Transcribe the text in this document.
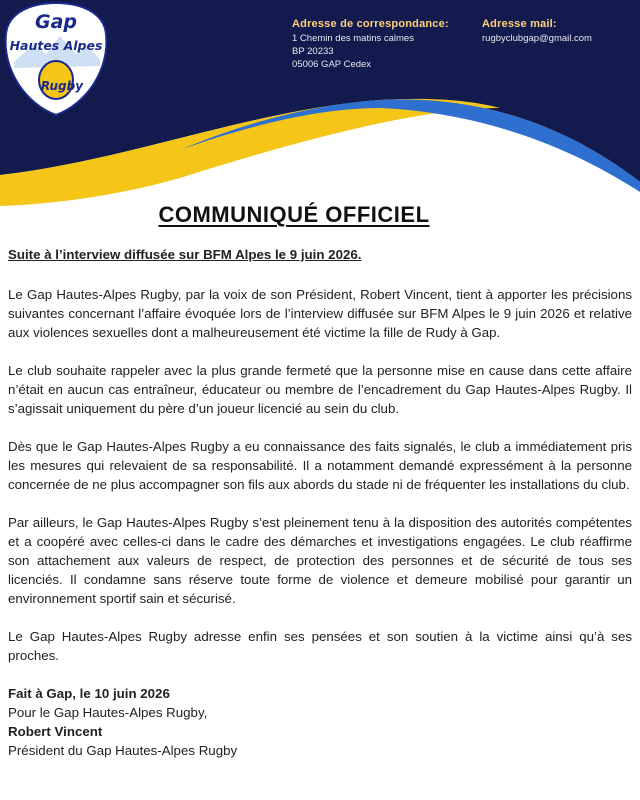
Gap
Hautes Alpes
Rugby
Adresse de correspondance:
1 Chemin des matins calmes
BP 20233
05006 GAP Cedex
Adresse mail:
rugbyclubgap@gmail.com
COMMUNIQUÉ OFFICIEL
Suite à l’interview diffusée sur BFM Alpes le 9 juin 2026.

Le Gap Hautes-Alpes Rugby, par la voix de son Président, Robert Vincent, tient à apporter les précisions suivantes concernant l’affaire évoquée lors de l’interview diffusée sur BFM Alpes le 9 juin 2026 et relative aux violences sexuelles dont a malheureusement été victime la fille de Rudy à Gap.

Le club souhaite rappeler avec la plus grande fermeté que la personne mise en cause dans cette affaire n’était en aucun cas entraîneur, éducateur ou membre de l’encadrement du Gap Hautes-Alpes Rugby. Il s’agissait uniquement du père d’un joueur licencié au sein du club.

Dès que le Gap Hautes-Alpes Rugby a eu connaissance des faits signalés, le club a immédiatement pris les mesures qui relevaient de sa responsabilité. Il a notamment demandé expressément à la personne concernée de ne plus accompagner son fils aux abords du stade ni de fréquenter les installations du club.

Par ailleurs, le Gap Hautes-Alpes Rugby s’est pleinement tenu à la disposition des autorités compétentes et a coopéré avec celles-ci dans le cadre des démarches et investigations engagées. Le club réaffirme son attachement aux valeurs de respect, de protection des personnes et de sécurité de tous ses licenciés. Il condamne sans réserve toute forme de violence et demeure mobilisé pour garantir un environnement sportif sain et sécurisé.

Le Gap Hautes-Alpes Rugby adresse enfin ses pensées et son soutien à la victime ainsi qu’à ses proches.

Fait à Gap, le 10 juin 2026
Pour le Gap Hautes-Alpes Rugby,
Robert Vincent
Président du Gap Hautes-Alpes Rugby
